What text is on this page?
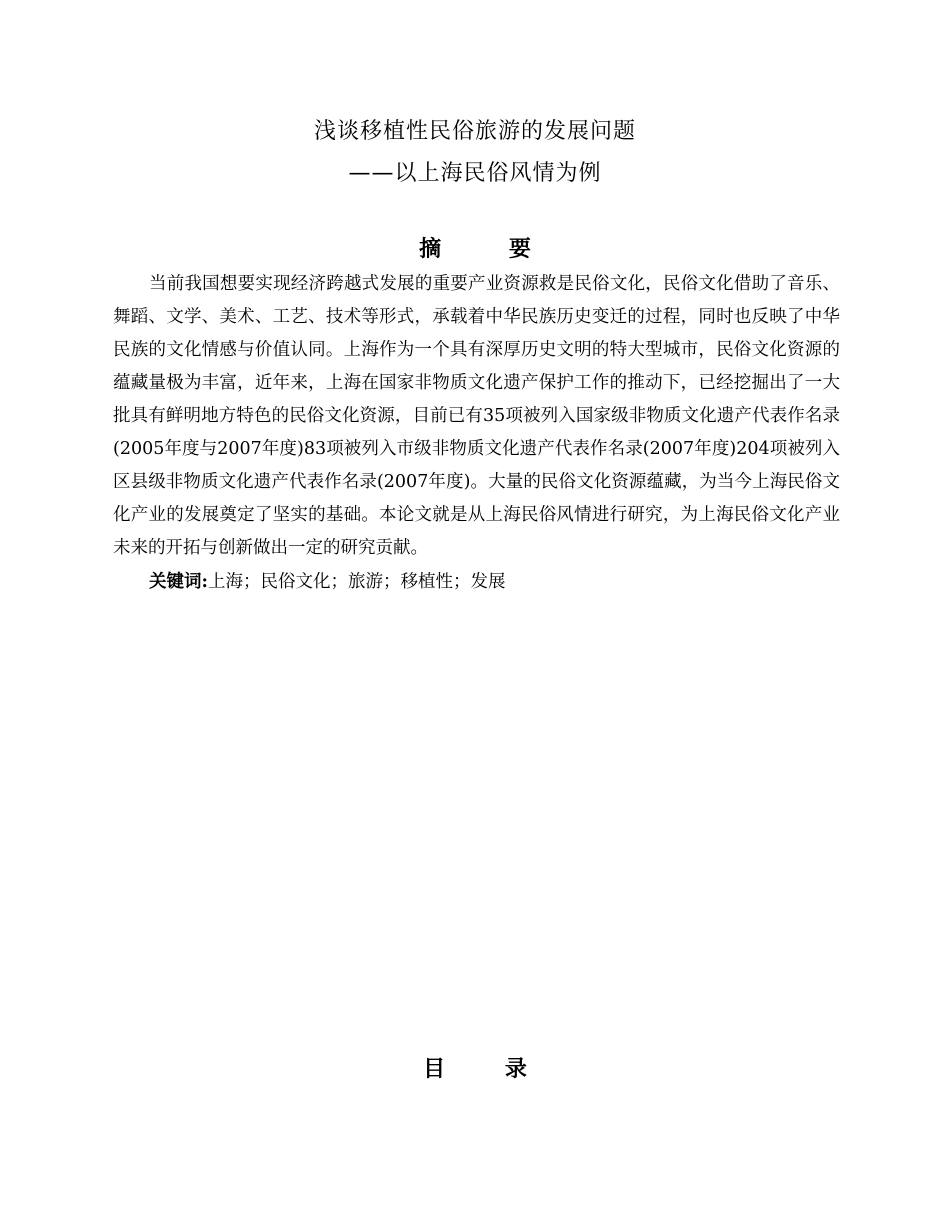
浅谈移植性民俗旅游的发展问题
——以上海民俗风情为例
摘 要

当前我国想要实现经济跨越式发展的重要产业资源救是民俗文化，民俗文化借助了音乐、舞蹈、文学、美术、工艺、技术等形式，承载着中华民族历史变迁的过程，同时也反映了中华民族的文化情感与价值认同。上海作为一个具有深厚历史文明的特大型城市，民俗文化资源的蕴藏量极为丰富，近年来，上海在国家非物质文化遗产保护工作的推动下，已经挖掘出了一大批具有鲜明地方特色的民俗文化资源，目前已有35项被列入国家级非物质文化遗产代表作名录(2005年度与2007年度)83项被列入市级非物质文化遗产代表作名录(2007年度)204项被列入区县级非物质文化遗产代表作名录(2007年度)。大量的民俗文化资源蕴藏，为当今上海民俗文化产业的发展奠定了坚实的基础。本论文就是从上海民俗风情进行研究，为上海民俗文化产业未来的开拓与创新做出一定的研究贡献。

关键词:上海；民俗文化；旅游；移植性；发展
目 录
